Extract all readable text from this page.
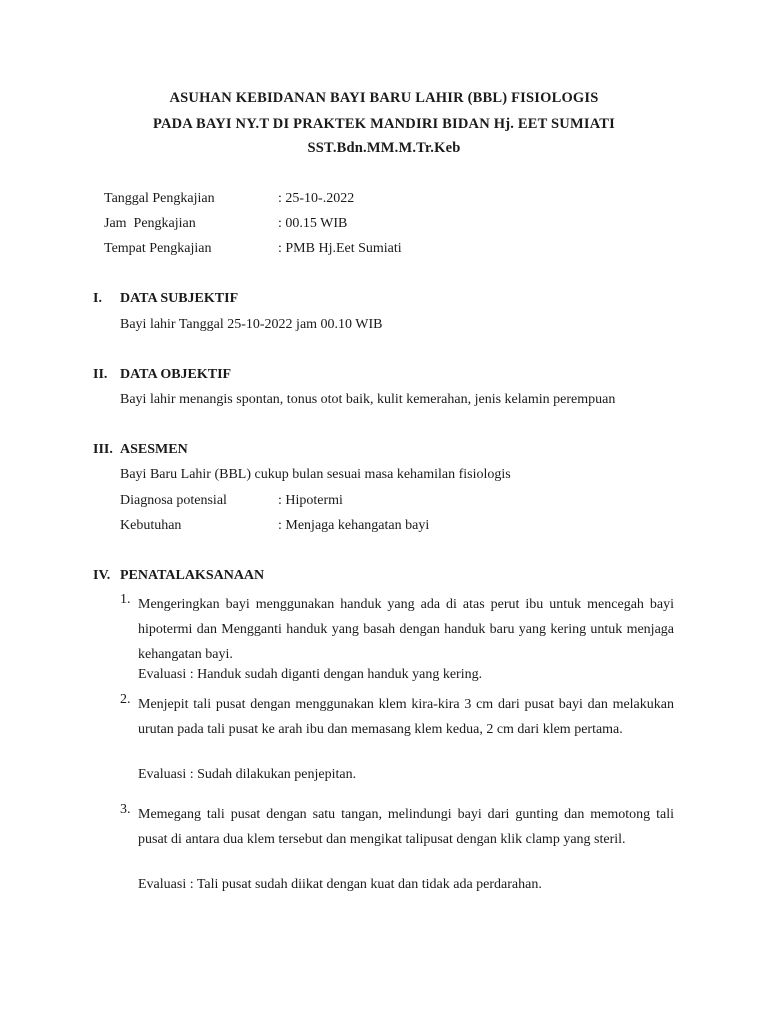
ASUHAN KEBIDANAN BAYI BARU LAHIR (BBL) FISIOLOGIS
PADA BAYI NY.T DI PRAKTEK MANDIRI BIDAN Hj. EET SUMIATI
SST.Bdn.MM.M.Tr.Keb
Tanggal Pengkajian	: 25-10-.2022
Jam  Pengkajian	: 00.15 WIB
Tempat Pengkajian	: PMB Hj.Eet Sumiati
I. DATA SUBJEKTIF
Bayi lahir Tanggal 25-10-2022 jam 00.10 WIB
II. DATA OBJEKTIF
Bayi lahir menangis spontan, tonus otot baik, kulit kemerahan, jenis kelamin perempuan
III. ASESMEN
Bayi Baru Lahir (BBL) cukup bulan sesuai masa kehamilan fisiologis
Diagnosa potensial	: Hipotermi
Kebutuhan	: Menjaga kehangatan bayi
IV. PENATALAKSANAAN
1. Mengeringkan bayi menggunakan handuk yang ada di atas perut ibu untuk mencegah bayi hipotermi dan Mengganti handuk yang basah dengan handuk baru yang kering untuk menjaga kehangatan bayi.
Evaluasi : Handuk sudah diganti dengan handuk yang kering.
2. Menjepit tali pusat dengan menggunakan klem kira-kira 3 cm dari pusat bayi dan melakukan urutan pada tali pusat ke arah ibu dan memasang klem kedua, 2 cm dari klem pertama.
Evaluasi : Sudah dilakukan penjepitan.
3. Memegang tali pusat dengan satu tangan, melindungi bayi dari gunting dan memotong tali pusat di antara dua klem tersebut dan mengikat talipusat dengan klik clamp yang steril.
Evaluasi : Tali pusat sudah diikat dengan kuat dan tidak ada perdarahan.
